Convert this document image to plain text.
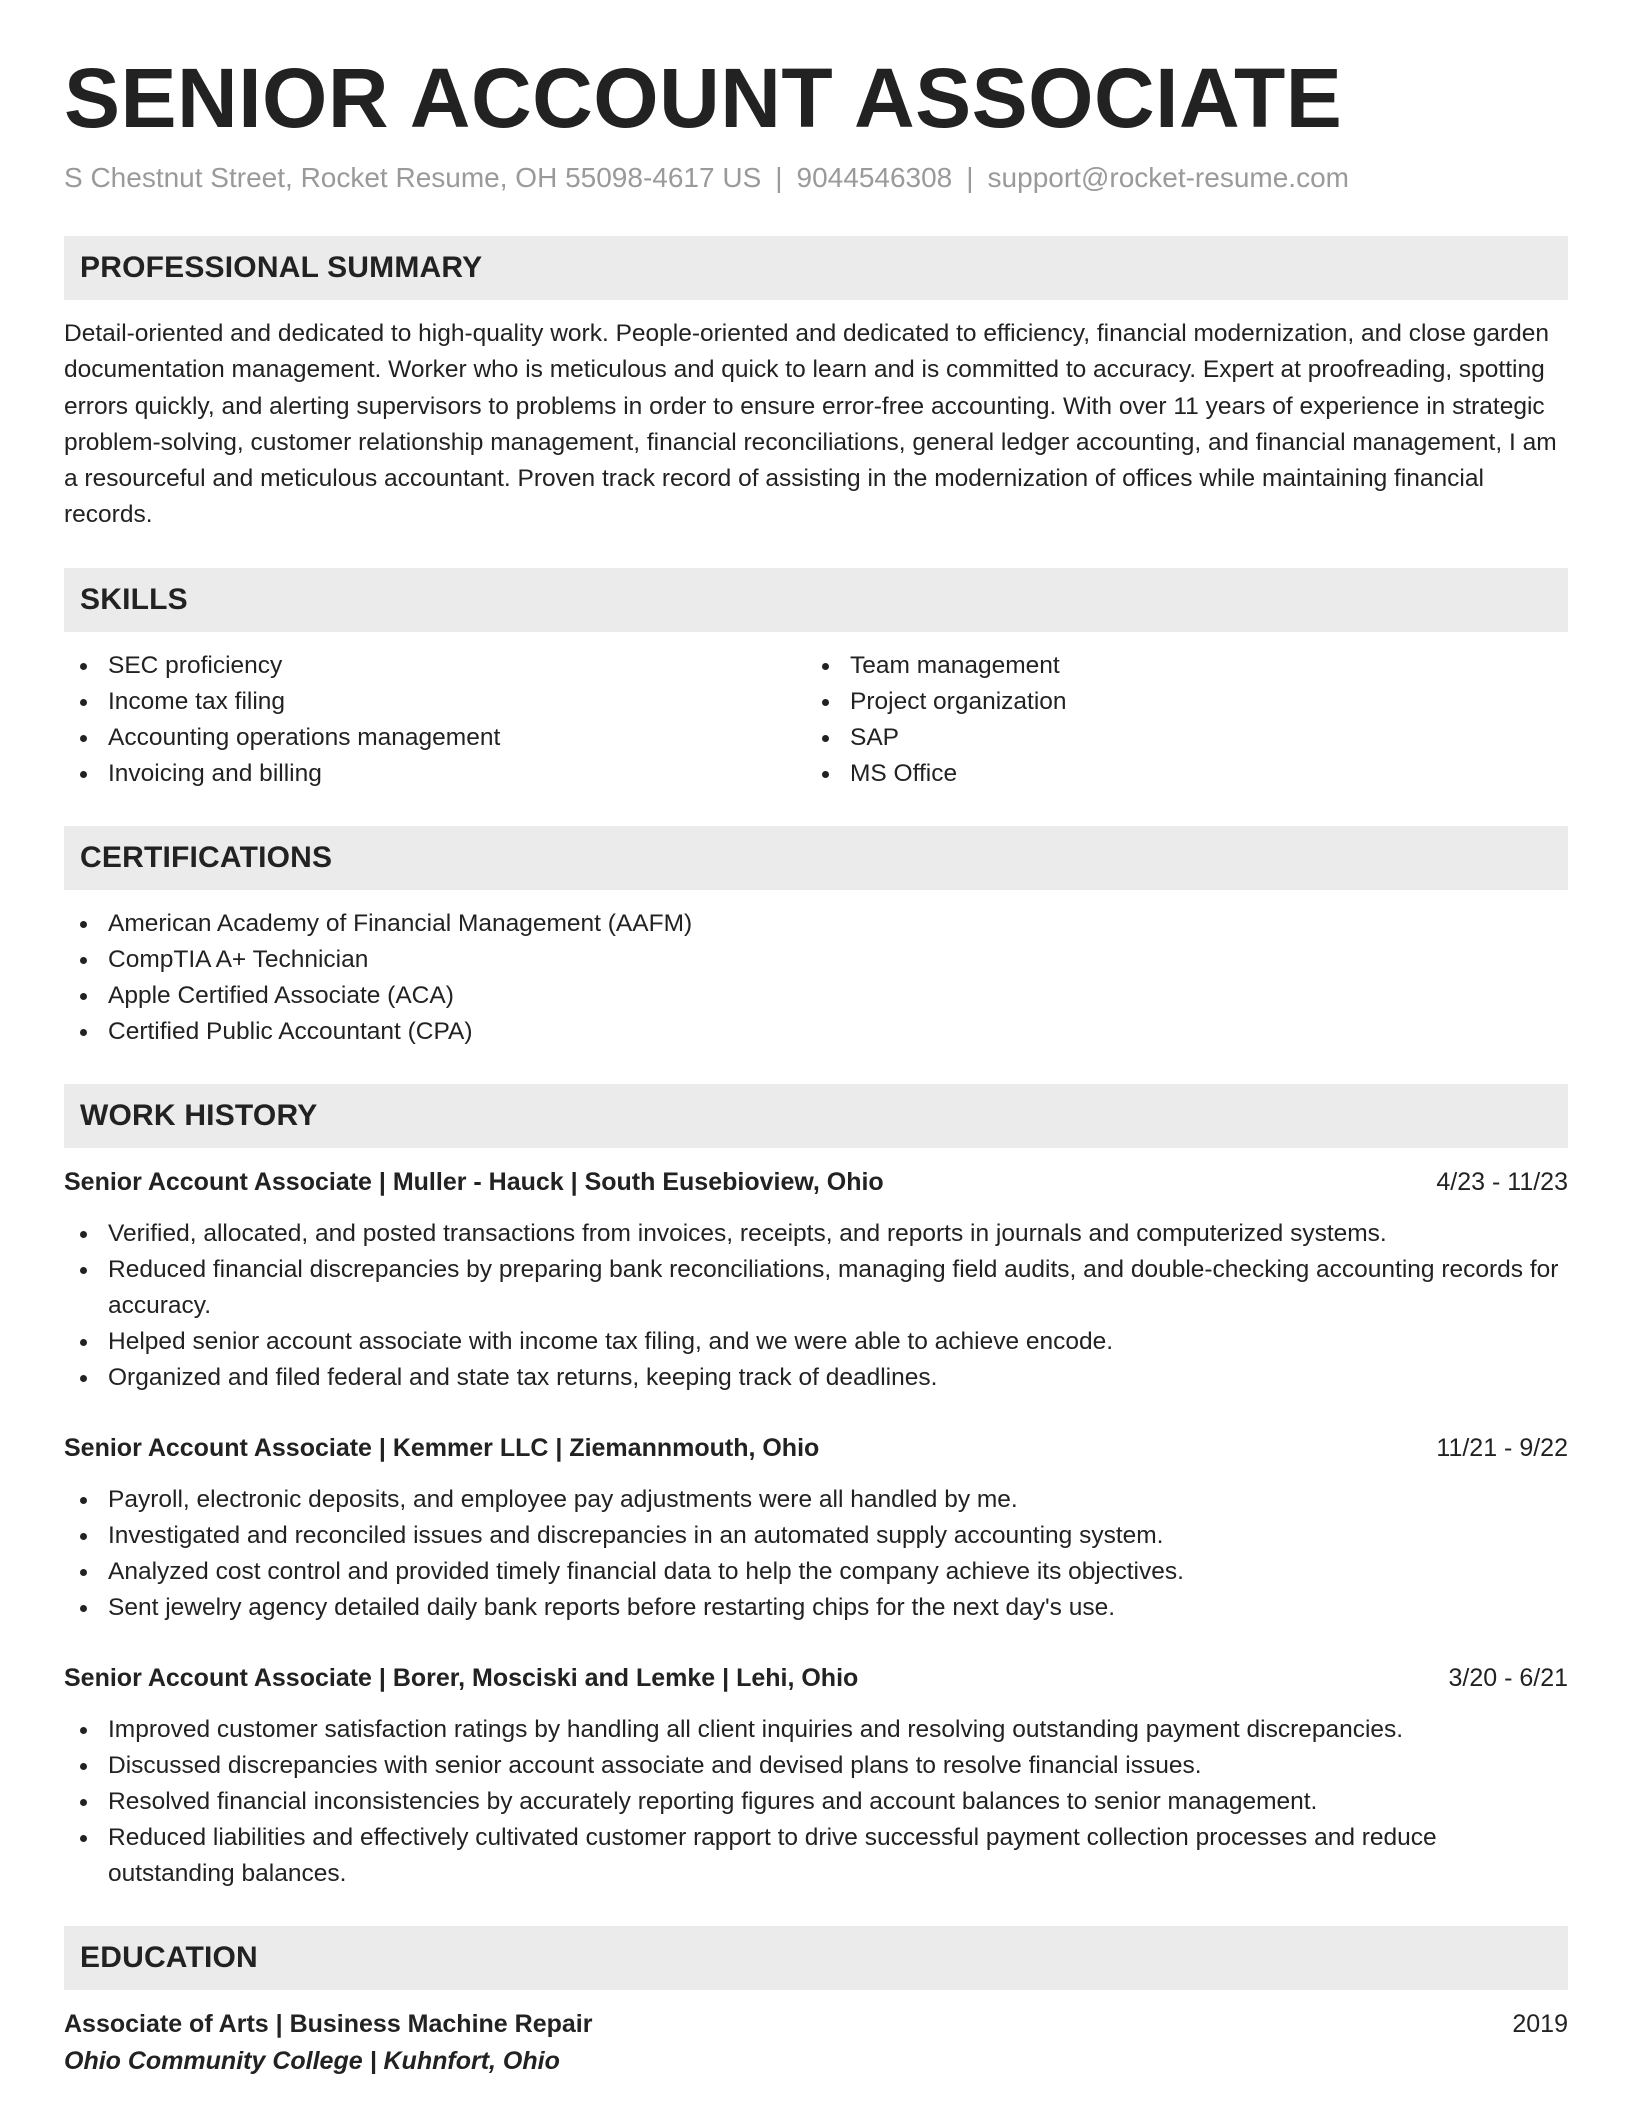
SENIOR ACCOUNT ASSOCIATE
S Chestnut Street, Rocket Resume, OH 55098-4617 US | 9044546308 | support@rocket-resume.com
PROFESSIONAL SUMMARY
Detail-oriented and dedicated to high-quality work. People-oriented and dedicated to efficiency, financial modernization, and close garden documentation management. Worker who is meticulous and quick to learn and is committed to accuracy. Expert at proofreading, spotting errors quickly, and alerting supervisors to problems in order to ensure error-free accounting. With over 11 years of experience in strategic problem-solving, customer relationship management, financial reconciliations, general ledger accounting, and financial management, I am a resourceful and meticulous accountant. Proven track record of assisting in the modernization of offices while maintaining financial records.
SKILLS
SEC proficiency
Income tax filing
Accounting operations management
Invoicing and billing
Team management
Project organization
SAP
MS Office
CERTIFICATIONS
American Academy of Financial Management (AAFM)
CompTIA A+ Technician
Apple Certified Associate (ACA)
Certified Public Accountant (CPA)
WORK HISTORY
Senior Account Associate | Muller - Hauck | South Eusebioview, Ohio	4/23 - 11/23
Verified, allocated, and posted transactions from invoices, receipts, and reports in journals and computerized systems.
Reduced financial discrepancies by preparing bank reconciliations, managing field audits, and double-checking accounting records for accuracy.
Helped senior account associate with income tax filing, and we were able to achieve encode.
Organized and filed federal and state tax returns, keeping track of deadlines.
Senior Account Associate | Kemmer LLC | Ziemannmouth, Ohio	11/21 - 9/22
Payroll, electronic deposits, and employee pay adjustments were all handled by me.
Investigated and reconciled issues and discrepancies in an automated supply accounting system.
Analyzed cost control and provided timely financial data to help the company achieve its objectives.
Sent jewelry agency detailed daily bank reports before restarting chips for the next day's use.
Senior Account Associate | Borer, Mosciski and Lemke | Lehi, Ohio	3/20 - 6/21
Improved customer satisfaction ratings by handling all client inquiries and resolving outstanding payment discrepancies.
Discussed discrepancies with senior account associate and devised plans to resolve financial issues.
Resolved financial inconsistencies by accurately reporting figures and account balances to senior management.
Reduced liabilities and effectively cultivated customer rapport to drive successful payment collection processes and reduce outstanding balances.
EDUCATION
Associate of Arts | Business Machine Repair	2019
Ohio Community College | Kuhnfort, Ohio
